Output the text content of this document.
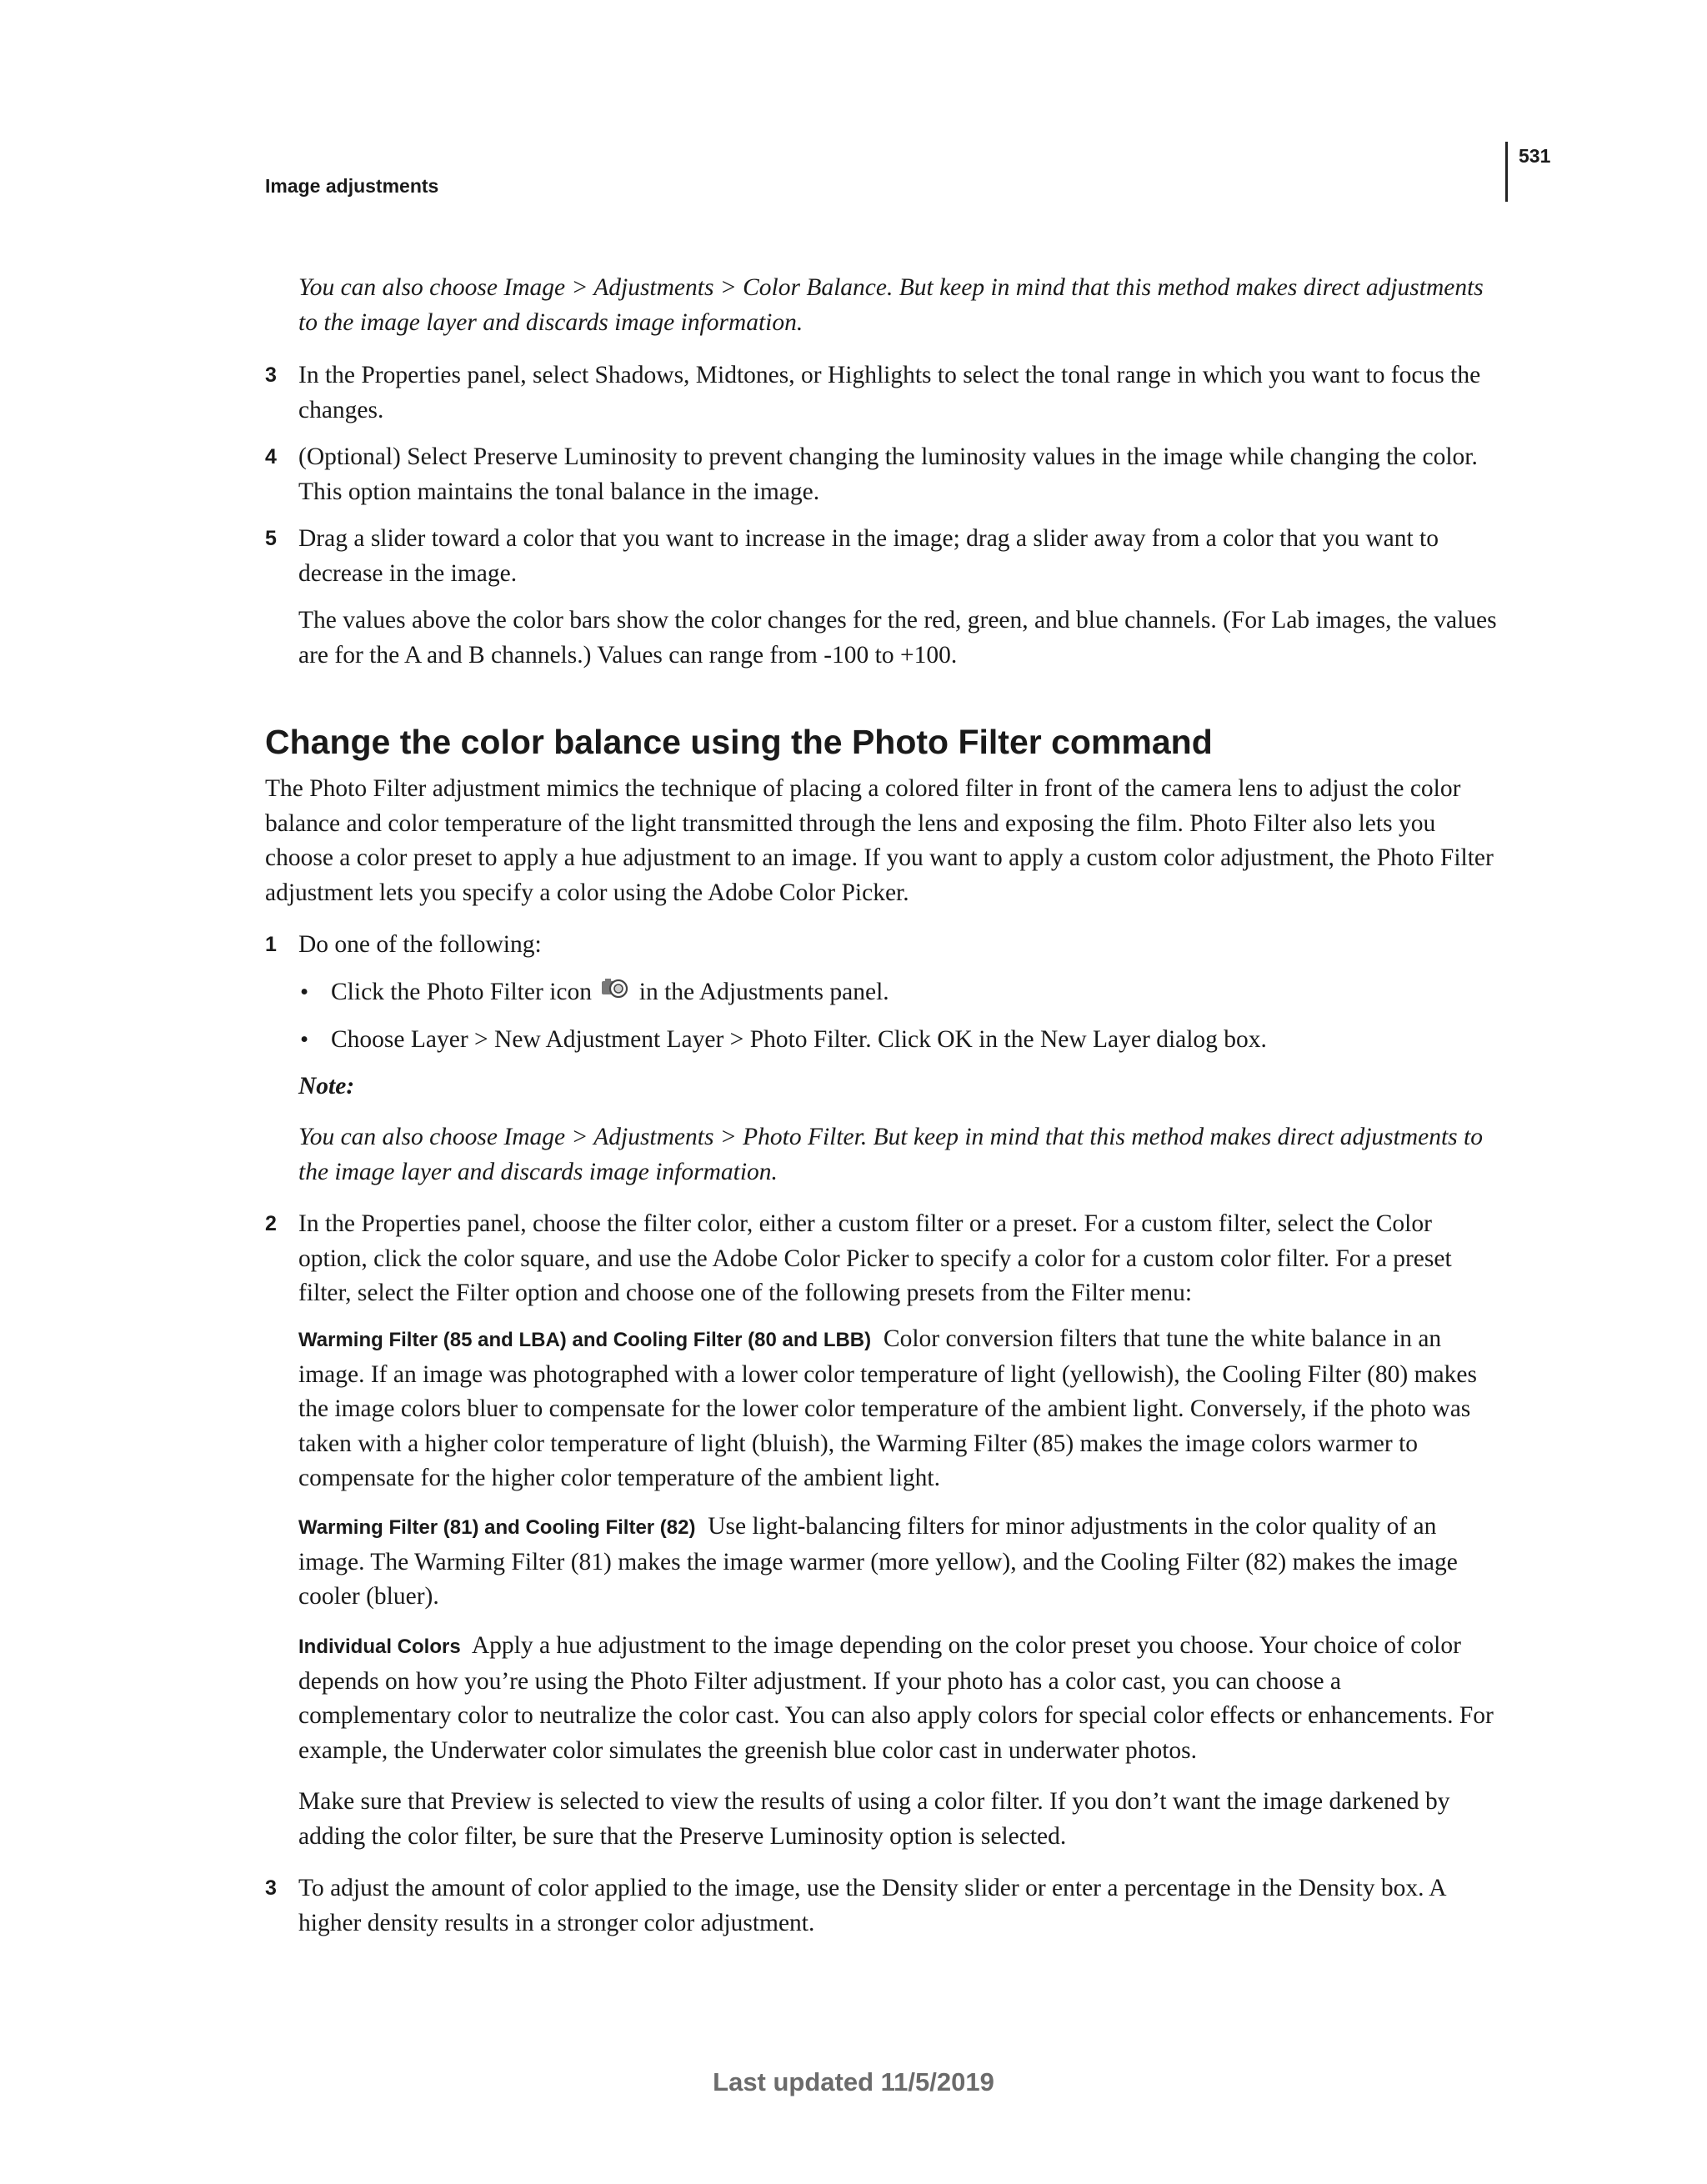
Image adjustments
531

You can also choose Image > Adjustments > Color Balance. But keep in mind that this method makes direct adjustments to the image layer and discards image information.

3 In the Properties panel, select Shadows, Midtones, or Highlights to select the tonal range in which you want to focus the changes.

4 (Optional) Select Preserve Luminosity to prevent changing the luminosity values in the image while changing the color. This option maintains the tonal balance in the image.

5 Drag a slider toward a color that you want to increase in the image; drag a slider away from a color that you want to decrease in the image.

The values above the color bars show the color changes for the red, green, and blue channels. (For Lab images, the values are for the A and B channels.) Values can range from -100 to +100.

Change the color balance using the Photo Filter command

The Photo Filter adjustment mimics the technique of placing a colored filter in front of the camera lens to adjust the color balance and color temperature of the light transmitted through the lens and exposing the film. Photo Filter also lets you choose a color preset to apply a hue adjustment to an image. If you want to apply a custom color adjustment, the Photo Filter adjustment lets you specify a color using the Adobe Color Picker.

1 Do one of the following:

• Click the Photo Filter icon in the Adjustments panel.
• Choose Layer > New Adjustment Layer > Photo Filter. Click OK in the New Layer dialog box.

Note:

You can also choose Image > Adjustments > Photo Filter. But keep in mind that this method makes direct adjustments to the image layer and discards image information.

2 In the Properties panel, choose the filter color, either a custom filter or a preset. For a custom filter, select the Color option, click the color square, and use the Adobe Color Picker to specify a color for a custom color filter. For a preset filter, select the Filter option and choose one of the following presets from the Filter menu:

Warming Filter (85 and LBA) and Cooling Filter (80 and LBB) Color conversion filters that tune the white balance in an image. If an image was photographed with a lower color temperature of light (yellowish), the Cooling Filter (80) makes the image colors bluer to compensate for the lower color temperature of the ambient light. Conversely, if the photo was taken with a higher color temperature of light (bluish), the Warming Filter (85) makes the image colors warmer to compensate for the higher color temperature of the ambient light.

Warming Filter (81) and Cooling Filter (82) Use light-balancing filters for minor adjustments in the color quality of an image. The Warming Filter (81) makes the image warmer (more yellow), and the Cooling Filter (82) makes the image cooler (bluer).

Individual Colors Apply a hue adjustment to the image depending on the color preset you choose. Your choice of color depends on how you’re using the Photo Filter adjustment. If your photo has a color cast, you can choose a complementary color to neutralize the color cast. You can also apply colors for special color effects or enhancements. For example, the Underwater color simulates the greenish blue color cast in underwater photos.

Make sure that Preview is selected to view the results of using a color filter. If you don’t want the image darkened by adding the color filter, be sure that the Preserve Luminosity option is selected.

3 To adjust the amount of color applied to the image, use the Density slider or enter a percentage in the Density box. A higher density results in a stronger color adjustment.

Last updated 11/5/2019
